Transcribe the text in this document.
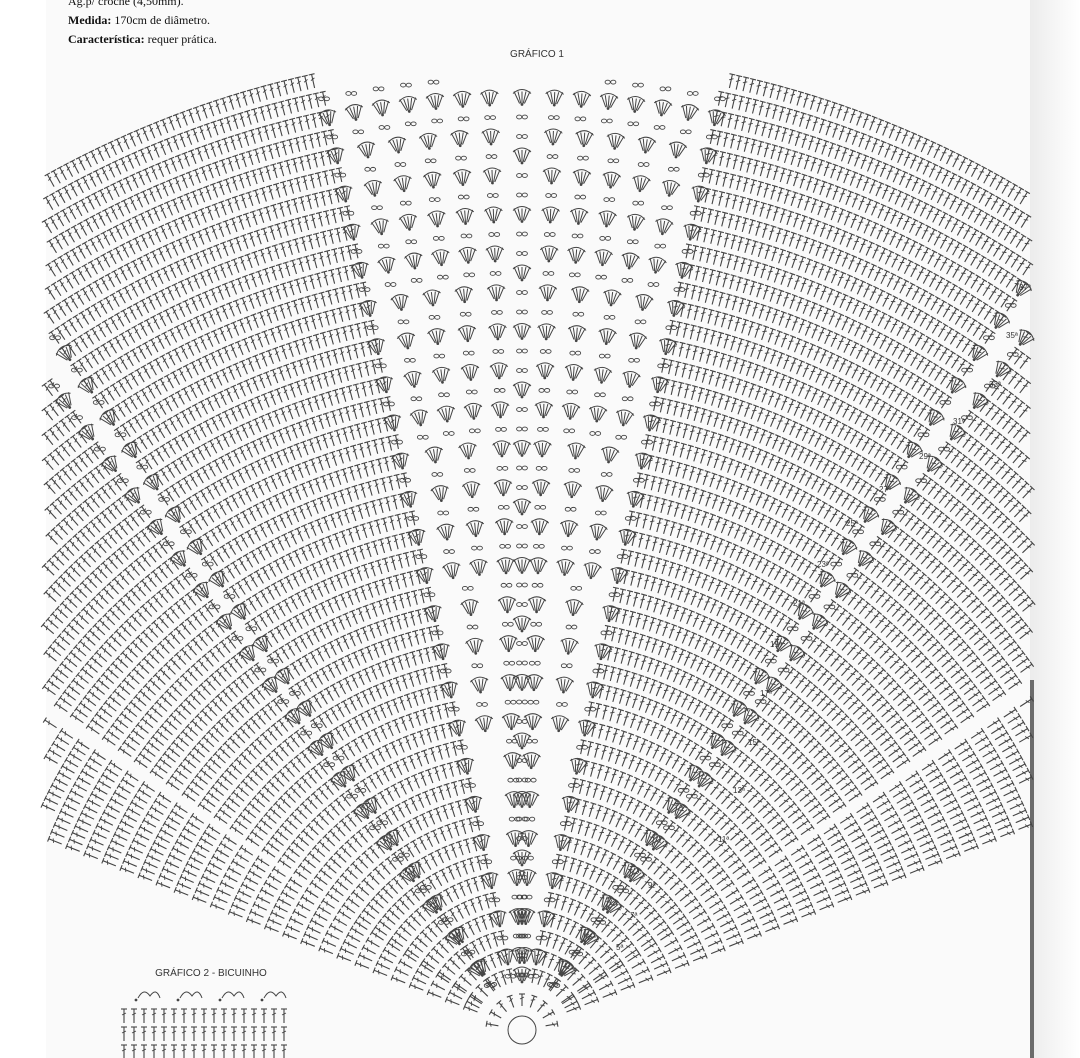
Ag.p/ crochê (4,50mm).
Medida: 170cm de diâmetro.
Característica: requer prática.
GRÁFICO 1
GRÁFICO 2 - BICUINHO
5ª
7ª
9ª
11ª
13ª
15ª
17ª
19ª
21ª
23ª
25ª
27ª
29ª
31ª
33ª
35ª
37ª
